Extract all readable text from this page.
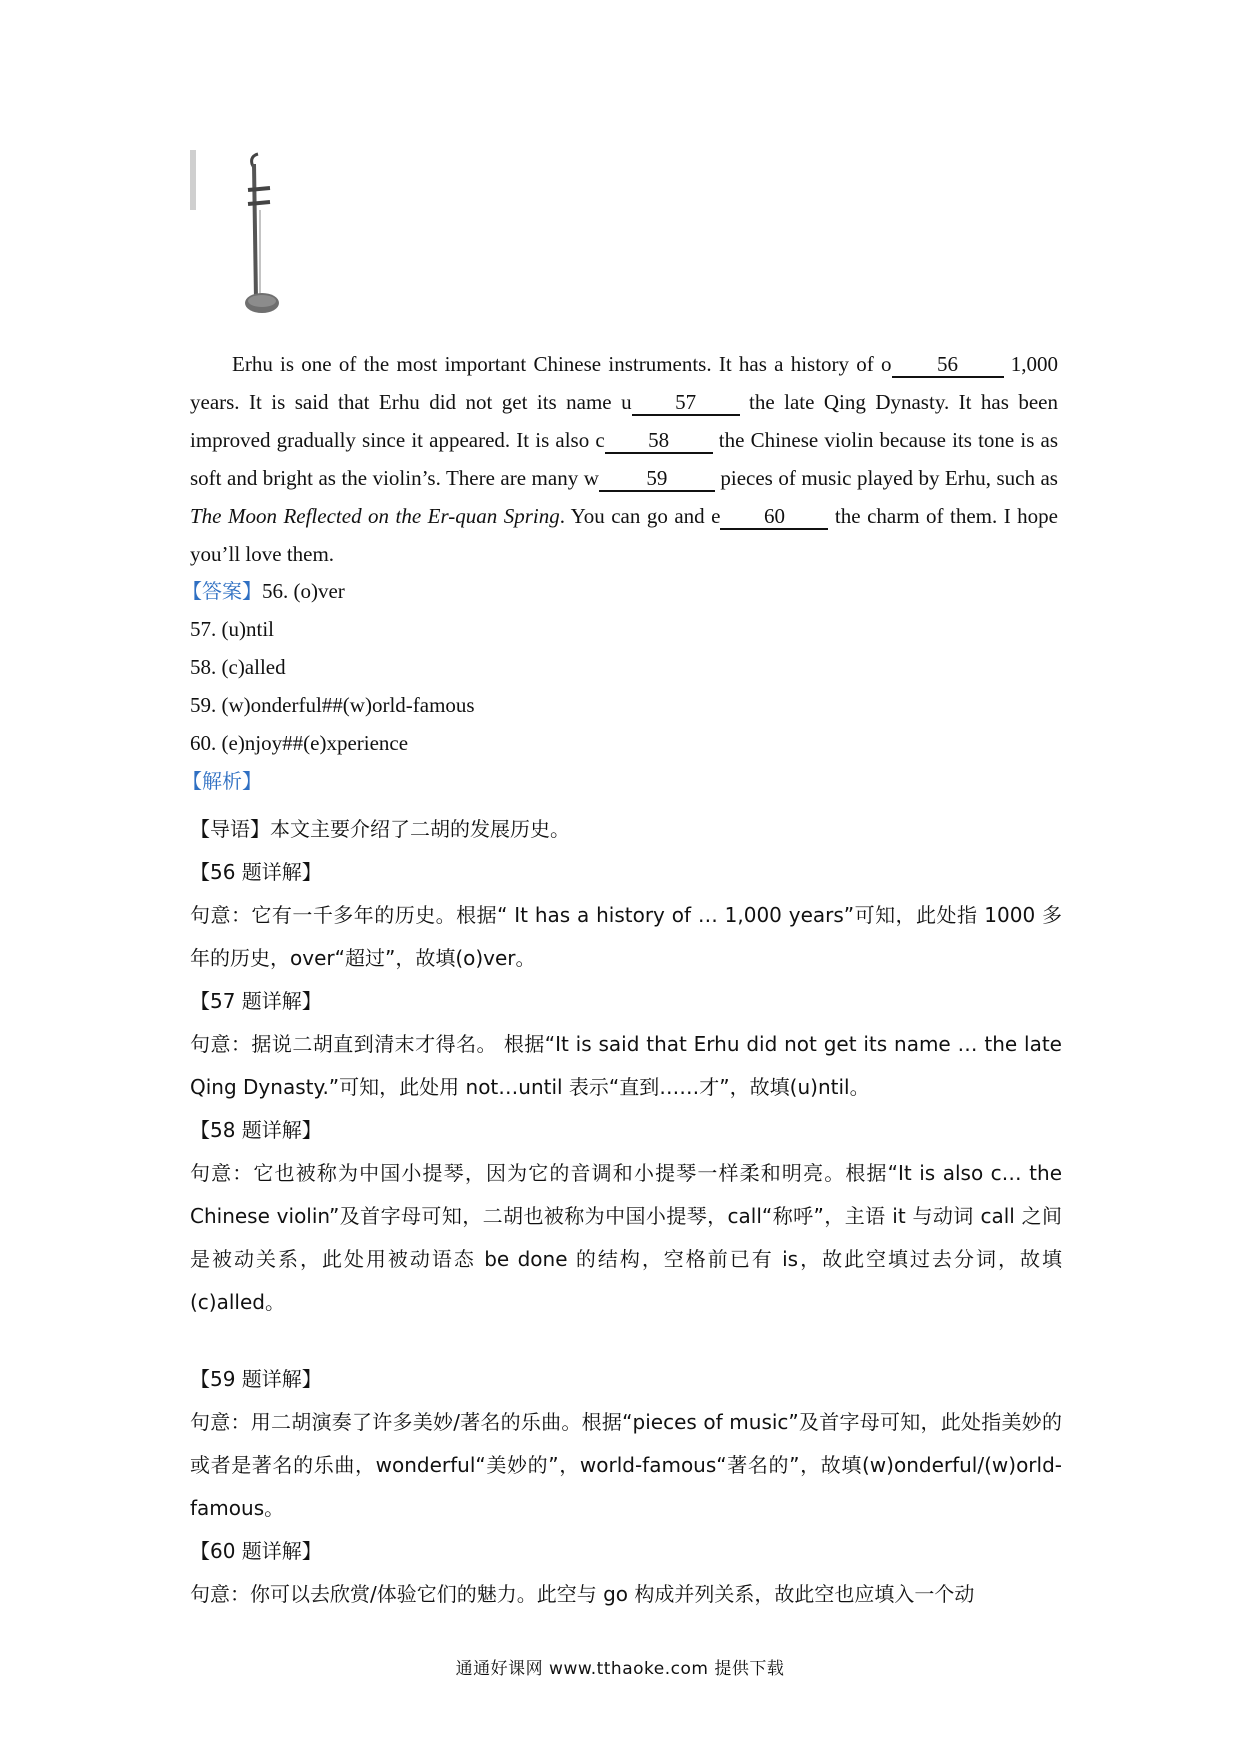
Erhu is one of the most important Chinese instruments. It has a history of o 56 1,000 years. It is said that Erhu did not get its name u 57 the late Qing Dynasty. It has been improved gradually since it appeared. It is also c 58 the Chinese violin because its tone is as soft and bright as the violin’s. There are many w 59 pieces of music played by Erhu, such as The Moon Reflected on the Er-quan Spring. You can go and e 60 the charm of them. I hope you’ll love them.

【答案】56. (o)ver
57. (u)ntil
58. (c)alled
59. (w)onderful##(w)orld-famous
60. (e)njoy##(e)xperience
【解析】
【导语】本文主要介绍了二胡的发展历史。
【56 题详解】
句意：它有一千多年的历史。根据“ It has a history of … 1,000 years”可知，此处指 1000 多年的历史，over“超过”，故填(o)ver。
【57 题详解】
句意：据说二胡直到清末才得名。 根据“It is said that Erhu did not get its name … the late Qing Dynasty.”可知，此处用 not…until 表示“直到……才”，故填(u)ntil。
【58 题详解】
句意：它也被称为中国小提琴，因为它的音调和小提琴一样柔和明亮。根据“It is also c… the Chinese violin”及首字母可知，二胡也被称为中国小提琴，call“称呼”，主语 it 与动词 call 之间是被动关系，此处用被动语态 be done 的结构，空格前已有 is，故此空填过去分词，故填(c)alled。
【59 题详解】
句意：用二胡演奏了许多美妙/著名的乐曲。根据“pieces of music”及首字母可知，此处指美妙的或者是著名的乐曲，wonderful“美妙的”，world-famous“著名的”，故填(w)onderful/(w)orld-famous。
【60 题详解】
句意：你可以去欣赏/体验它们的魅力。此空与 go 构成并列关系，故此空也应填入一个动
通通好课网 www.tthaoke.com 提供下载
